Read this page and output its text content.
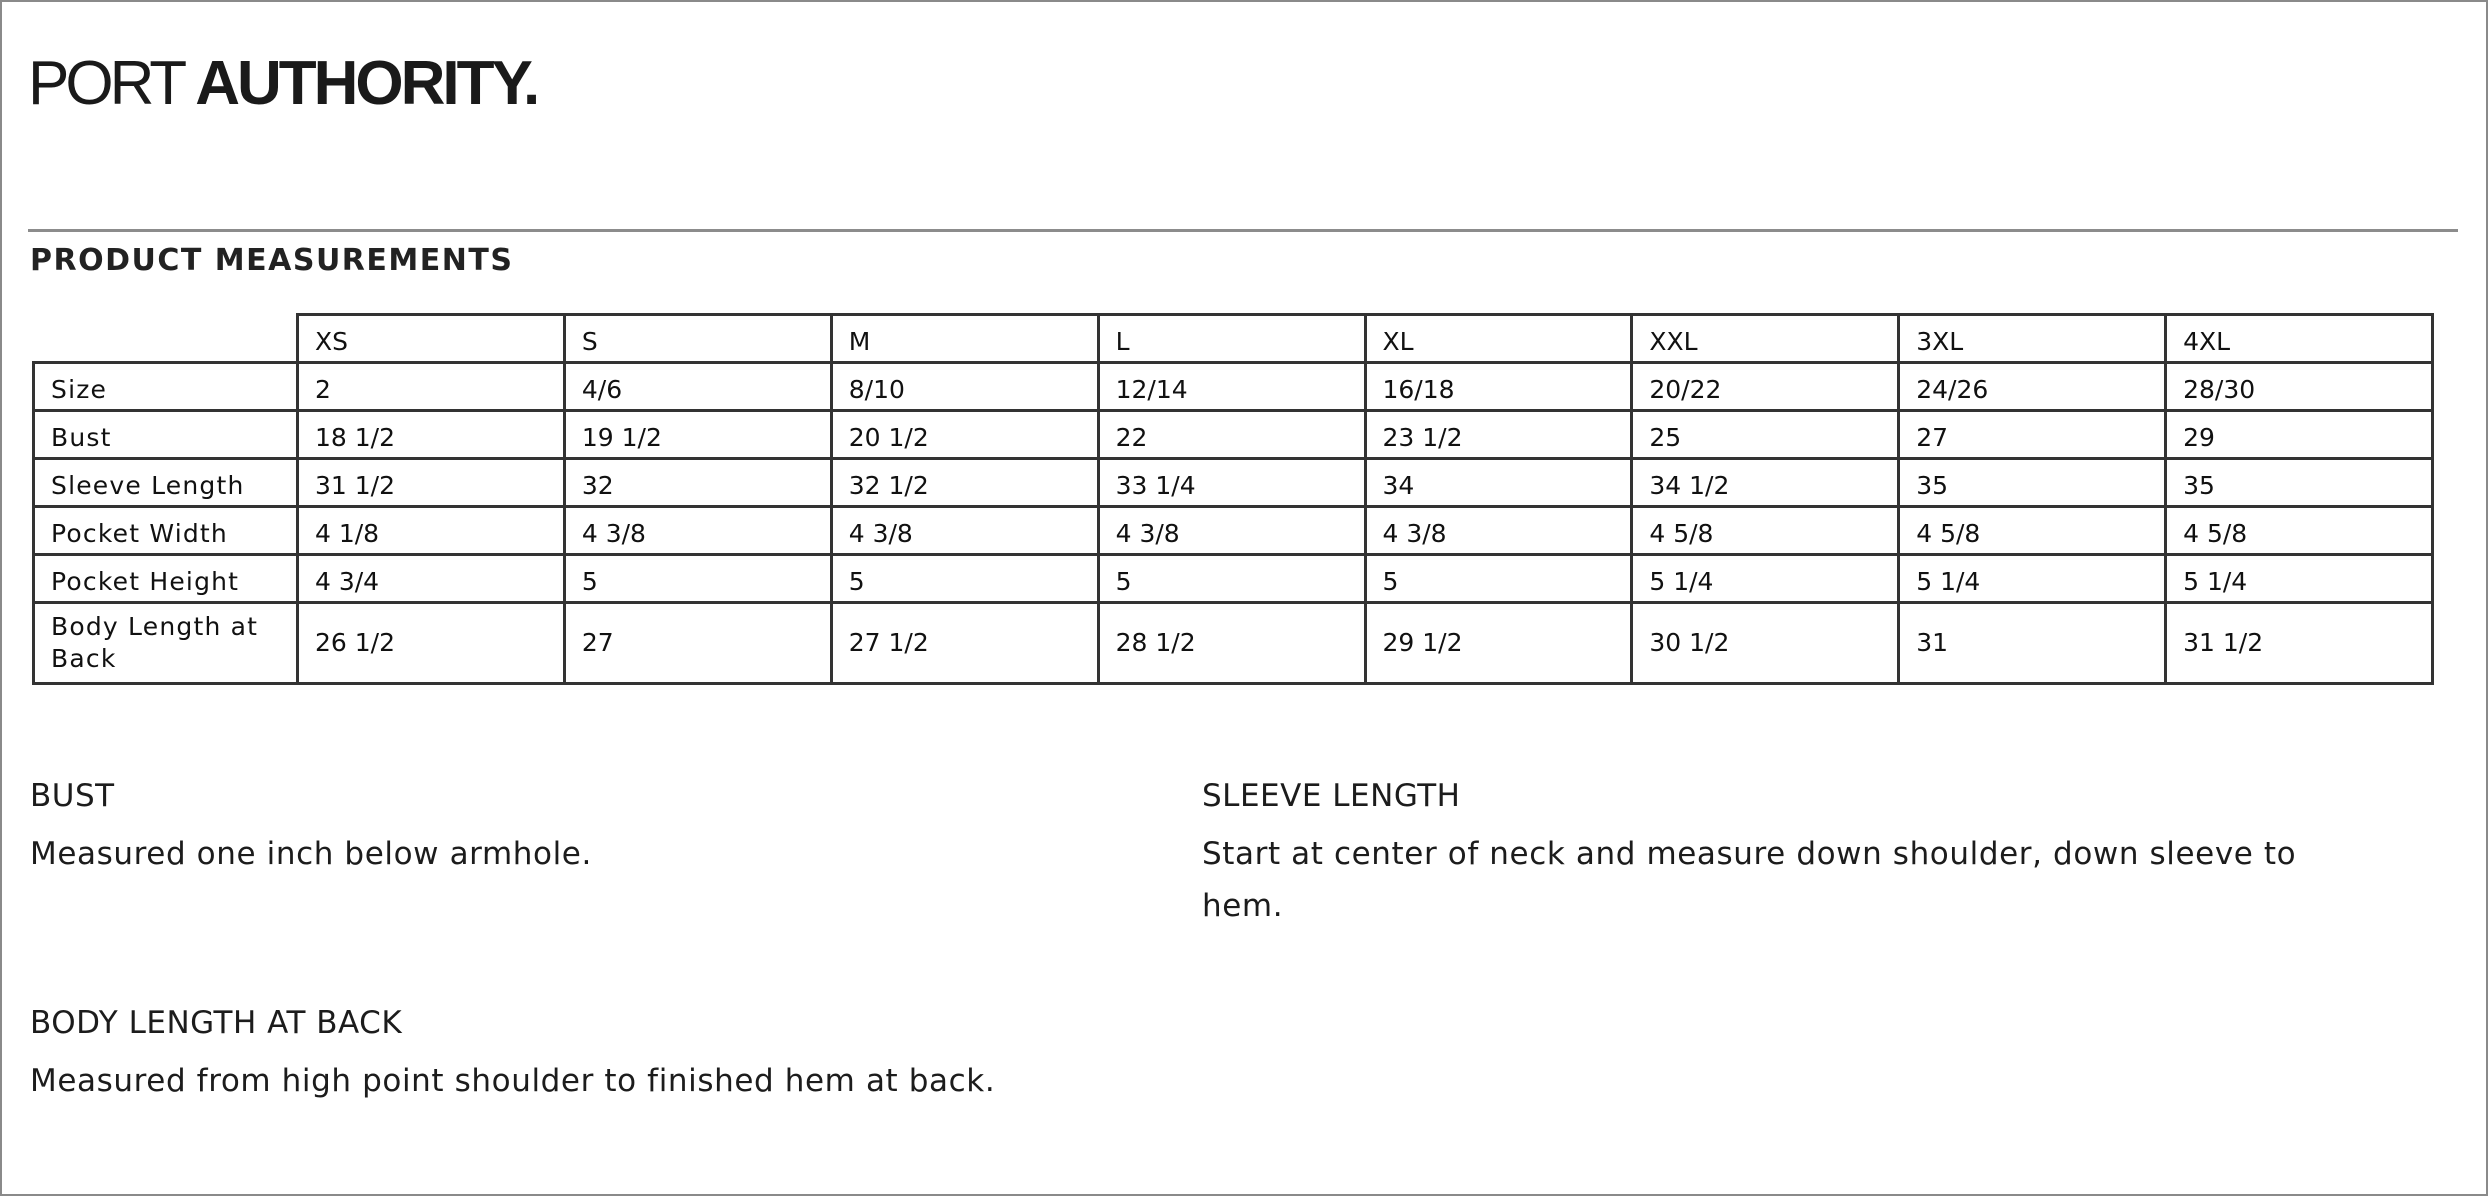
PORT AUTHORITY.
PRODUCT MEASUREMENTS
	XS	S	M	L	XL	XXL	3XL	4XL
Size	2	4/6	8/10	12/14	16/18	20/22	24/26	28/30
Bust	18 1/2	19 1/2	20 1/2	22	23 1/2	25	27	29
Sleeve Length	31 1/2	32	32 1/2	33 1/4	34	34 1/2	35	35
Pocket Width	4 1/8	4 3/8	4 3/8	4 3/8	4 3/8	4 5/8	4 5/8	4 5/8
Pocket Height	4 3/4	5	5	5	5	5 1/4	5 1/4	5 1/4
Body Length at Back	26 1/2	27	27 1/2	28 1/2	29 1/2	30 1/2	31	31 1/2
BUST
Measured one inch below armhole.
SLEEVE LENGTH
Start at center of neck and measure down shoulder, down sleeve to hem.
BODY LENGTH AT BACK
Measured from high point shoulder to finished hem at back.
